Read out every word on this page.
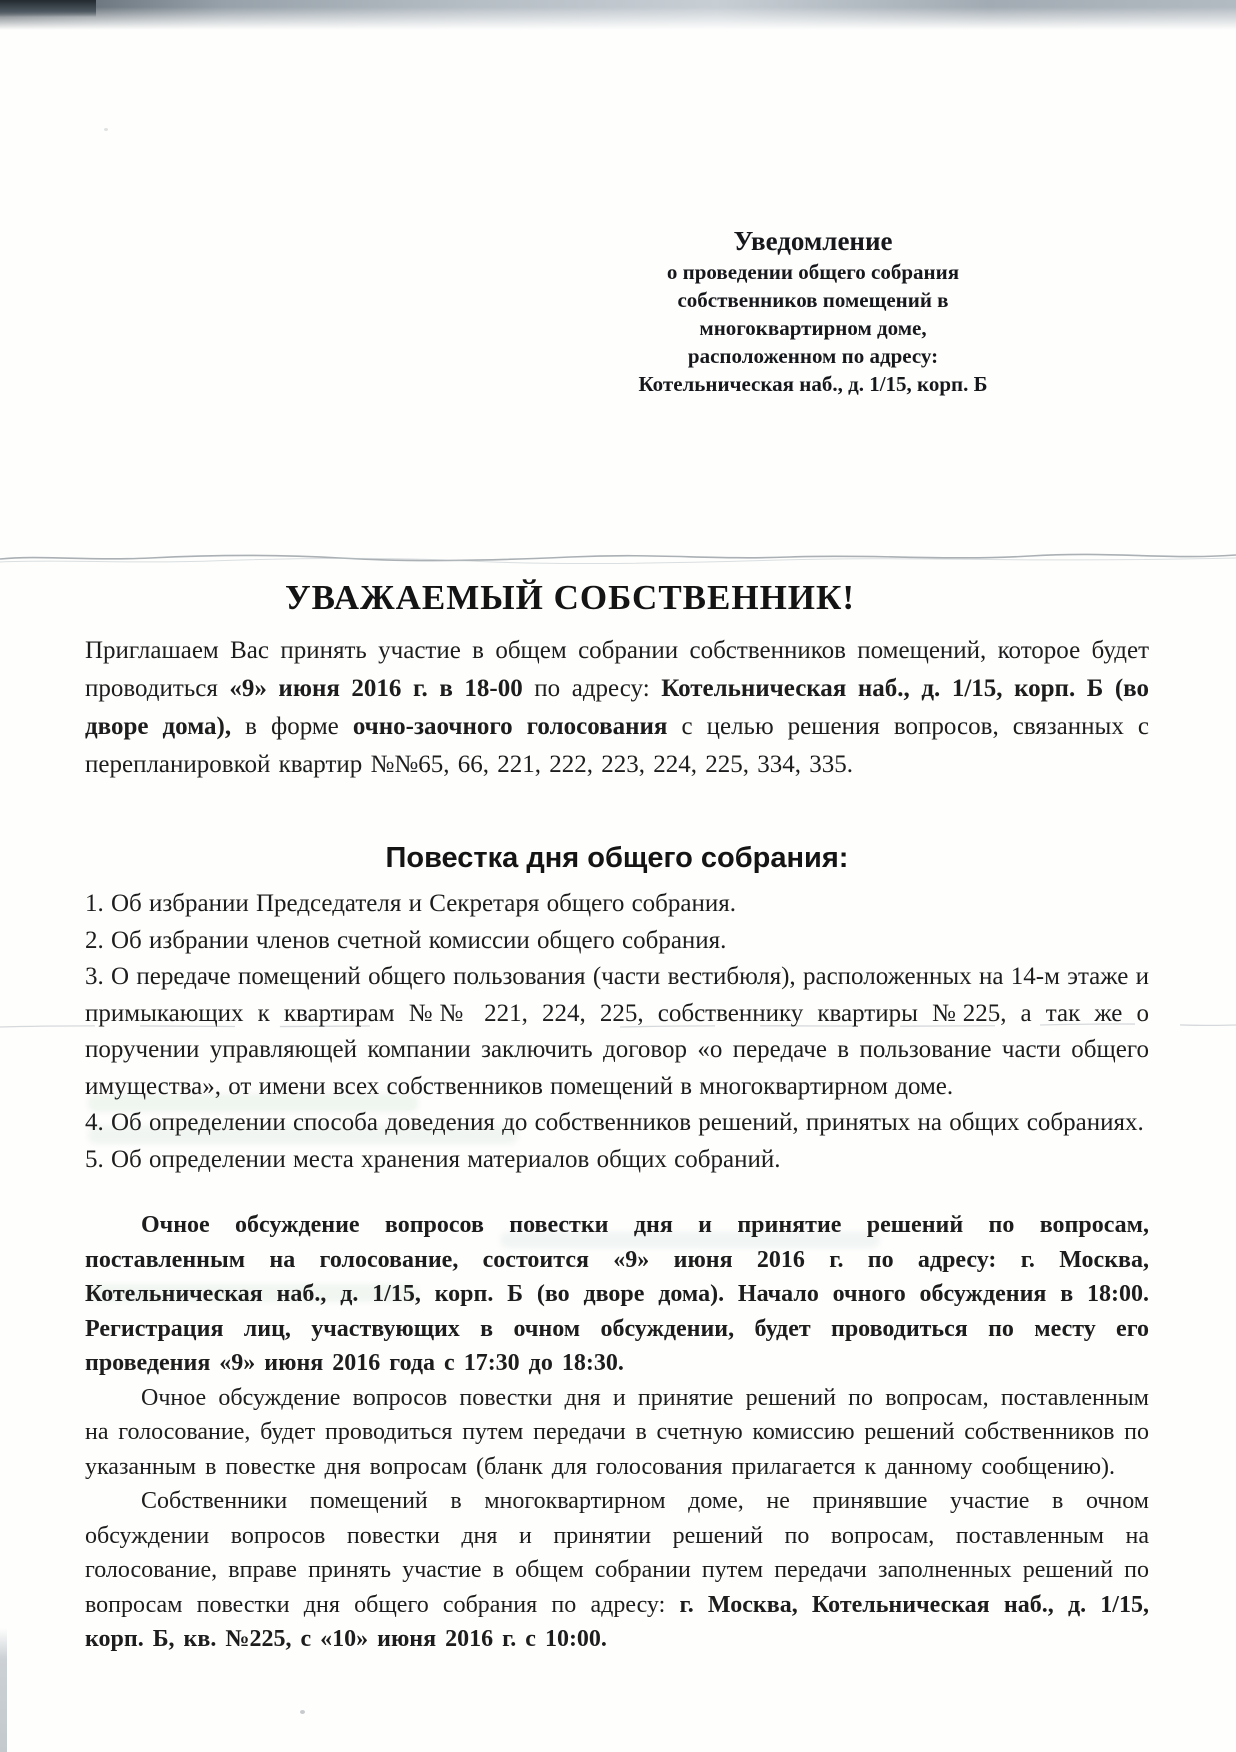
Уведомление
о проведении общего собрания
собственников помещений в
многоквартирном доме,
расположенном по адресу:
Котельническая наб., д. 1/15, корп. Б
УВАЖАЕМЫЙ СОБСТВЕННИК!

Приглашаем Вас принять участие в общем собрании собственников помещений, которое будет проводиться «9» июня 2016 г. в 18-00 по адресу: Котельническая наб., д. 1/15, корп. Б (во дворе дома), в форме очно-заочного голосования с целью решения вопросов, связанных с перепланировкой квартир №№65, 66, 221, 222, 223, 224, 225, 334, 335.

Повестка дня общего собрания:
1. Об избрании Председателя и Секретаря общего собрания.
2. Об избрании членов счетной комиссии общего собрания.
3. О передаче помещений общего пользования (части вестибюля), расположенных на 14-м этаже и примыкающих к квартирам №№ 221, 224, 225, собственнику квартиры №225, а так же о поручении управляющей компании заключить договор «о передаче в пользование части общего имущества», от имени всех собственников помещений в многоквартирном доме.
4. Об определении способа доведения до собственников решений, принятых на общих собраниях.
5. Об определении места хранения материалов общих собраний.

Очное обсуждение вопросов повестки дня и принятие решений по вопросам, поставленным на голосование, состоится «9» июня 2016 г. по адресу: г. Москва, Котельническая наб., д. 1/15, корп. Б (во дворе дома). Начало очного обсуждения в 18:00. Регистрация лиц, участвующих в очном обсуждении, будет проводиться по месту его проведения «9» июня 2016 года с 17:30 до 18:30.

Очное обсуждение вопросов повестки дня и принятие решений по вопросам, поставленным на голосование, будет проводиться путем передачи в счетную комиссию решений собственников по указанным в повестке дня вопросам (бланк для голосования прилагается к данному сообщению).

Собственники помещений в многоквартирном доме, не принявшие участие в очном обсуждении вопросов повестки дня и принятии решений по вопросам, поставленным на голосование, вправе принять участие в общем собрании путем передачи заполненных решений по вопросам повестки дня общего собрания по адресу: г. Москва, Котельническая наб., д. 1/15, корп. Б, кв. №225, с «10» июня 2016 г. с 10:00.
